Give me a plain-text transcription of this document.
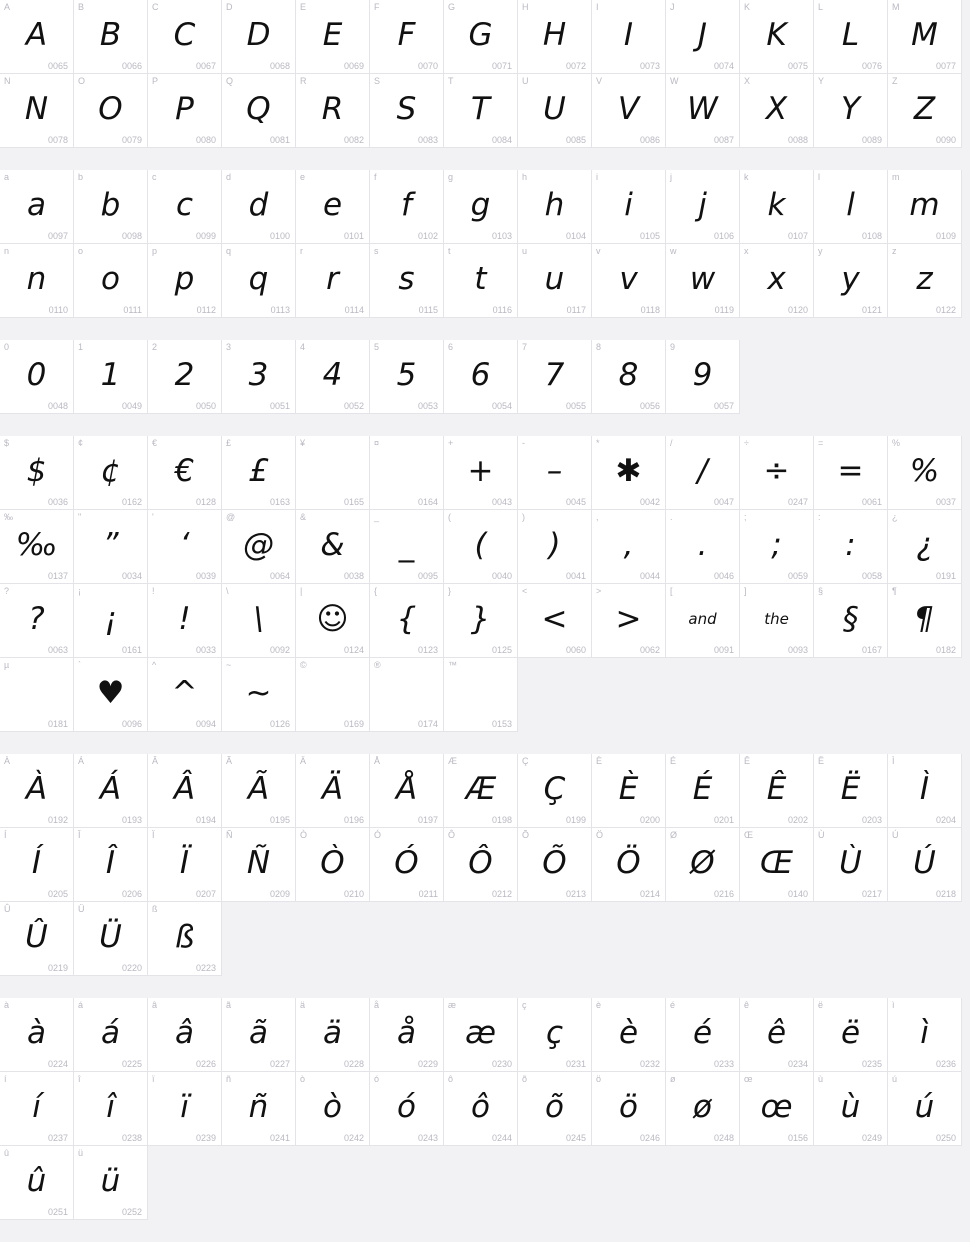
A
A
0065
B
B
0066
C
C
0067
D
D
0068
E
E
0069
F
F
0070
G
G
0071
H
H
0072
I
I
0073
J
J
0074
K
K
0075
L
L
0076
M
M
0077
N
N
0078
O
O
0079
P
P
0080
Q
Q
0081
R
R
0082
S
S
0083
T
T
0084
U
U
0085
V
V
0086
W
W
0087
X
X
0088
Y
Y
0089
Z
Z
0090
a
a
0097
b
b
0098
c
c
0099
d
d
0100
e
e
0101
f
f
0102
g
g
0103
h
h
0104
i
i
0105
j
j
0106
k
k
0107
l
l
0108
m
m
0109
n
n
0110
o
o
0111
p
p
0112
q
q
0113
r
r
0114
s
s
0115
t
t
0116
u
u
0117
v
v
0118
w
w
0119
x
x
0120
y
y
0121
z
z
0122
0
0
0048
1
1
0049
2
2
0050
3
3
0051
4
4
0052
5
5
0053
6
6
0054
7
7
0055
8
8
0056
9
9
0057
$
$
0036
¢
¢
0162
€
€
0128
£
£
0163
¥
0165
¤
0164
+
+
0043
-
–
0045
*
✱
0042
/
/
0047
÷
÷
0247
=
=
0061
%
%
0037
‰
‰
0137
"
”
0034
'
‘
0039
@
@
0064
&
&
0038
_
_
0095
(
(
0040
)
)
0041
,
,
0044
.
.
0046
;
;
0059
:
:
0058
¿
¿
0191
?
?
0063
¡
¡
0161
!
!
0033
\
\
0092
|
☺
0124
{
{
0123
}
}
0125
<
<
0060
>
>
0062
[
and
0091
]
the
0093
§
§
0167
¶
¶
0182
µ
0181
`
♥
0096
^
^
0094
~
~
0126
©
0169
®
0174
™
0153
À
À
0192
Á
Á
0193
Â
Â
0194
Ã
Ã
0195
Ä
Ä
0196
Å
Å
0197
Æ
Æ
0198
Ç
Ç
0199
È
È
0200
É
É
0201
Ê
Ê
0202
Ë
Ë
0203
Ì
Ì
0204
Í
Í
0205
Î
Î
0206
Ï
Ï
0207
Ñ
Ñ
0209
Ò
Ò
0210
Ó
Ó
0211
Ô
Ô
0212
Õ
Õ
0213
Ö
Ö
0214
Ø
Ø
0216
Œ
Œ
0140
Ù
Ù
0217
Ú
Ú
0218
Û
Û
0219
Ü
Ü
0220
ß
ß
0223
à
à
0224
á
á
0225
â
â
0226
ã
ã
0227
ä
ä
0228
å
å
0229
æ
æ
0230
ç
ç
0231
è
è
0232
é
é
0233
ê
ê
0234
ë
ë
0235
ì
ì
0236
í
í
0237
î
î
0238
ï
ï
0239
ñ
ñ
0241
ò
ò
0242
ó
ó
0243
ô
ô
0244
õ
õ
0245
ö
ö
0246
ø
ø
0248
œ
œ
0156
ù
ù
0249
ú
ú
0250
û
û
0251
ü
ü
0252
